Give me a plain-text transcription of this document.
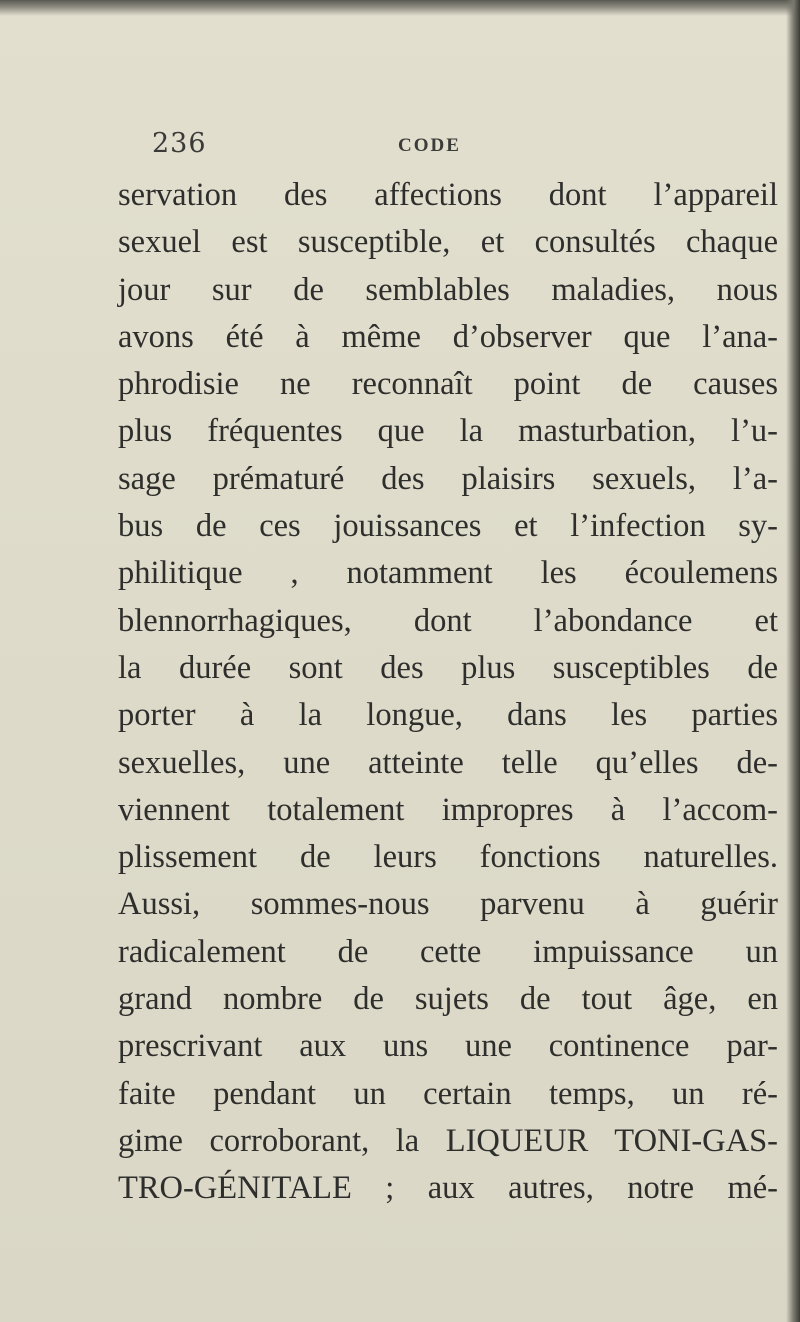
236	CODE
servation des affections dont l’appareil
sexuel est susceptible, et consultés chaque
jour sur de semblables maladies, nous
avons été à même d’observer que l’ana-
phrodisie ne reconnaît point de causes
plus fréquentes que la masturbation, l’u-
sage prématuré des plaisirs sexuels, l’a-
bus de ces jouissances et l’infection sy-
philitique , notamment les écoulemens
blennorrhagiques, dont l’abondance et
la durée sont des plus susceptibles de
porter à la longue, dans les parties
sexuelles, une atteinte telle qu’elles de-
viennent totalement impropres à l’accom-
plissement de leurs fonctions naturelles.
Aussi, sommes-nous parvenu à guérir
radicalement de cette impuissance un
grand nombre de sujets de tout âge, en
prescrivant aux uns une continence par-
faite pendant un certain temps, un ré-
gime corroborant, la LIQUEUR TONI-GAS-
TRO-GÉNITALE ; aux autres, notre mé-
